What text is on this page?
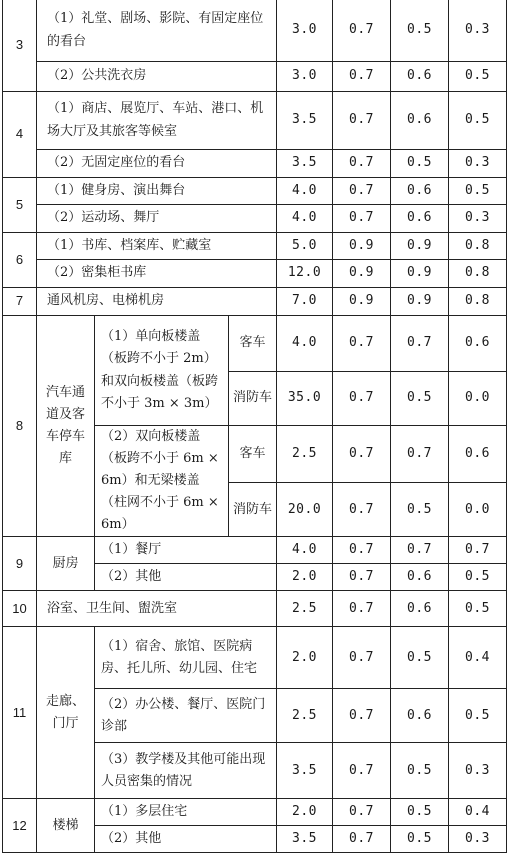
3	（1）礼堂、剧场、影院、有固定座位的看台			3.0	0.7	0.5	0.3
	（2）公共洗衣房			3.0	0.7	0.6	0.5
4	（1）商店、展览厅、车站、港口、机场大厅及其旅客等候室			3.5	0.7	0.6	0.5
	（2）无固定座位的看台			3.5	0.7	0.5	0.3
5	（1）健身房、演出舞台			4.0	0.7	0.6	0.5
	（2）运动场、舞厅			4.0	0.7	0.6	0.3
6	（1）书库、档案库、贮藏室			5.0	0.9	0.9	0.8
	（2）密集柜书库			12.0	0.9	0.9	0.8
7	通风机房、电梯机房			7.0	0.9	0.9	0.8
8	汽车通道及客车停车库	（1）单向板楼盖（板跨不小于 2m）和双向板楼盖（板跨不小于 3m × 3m）	客车	4.0	0.7	0.7	0.6
			消防车	35.0	0.7	0.5	0.0
		（2）双向板楼盖（板跨不小于 6m × 6m）和无梁楼盖（柱网不小于 6m × 6m）	客车	2.5	0.7	0.7	0.6
			消防车	20.0	0.7	0.5	0.0
9	厨房	（1）餐厅		4.0	0.7	0.7	0.7
		（2）其他		2.0	0.7	0.6	0.5
10	浴室、卫生间、盥洗室			2.5	0.7	0.6	0.5
11	走廊、门厅	（1）宿舍、旅馆、医院病房、托儿所、幼儿园、住宅		2.0	0.7	0.5	0.4
		（2）办公楼、餐厅、医院门诊部		2.5	0.7	0.6	0.5
		（3）教学楼及其他可能出现人员密集的情况		3.5	0.7	0.5	0.3
12	楼梯	（1）多层住宅		2.0	0.7	0.5	0.4
		（2）其他		3.5	0.7	0.5	0.3
